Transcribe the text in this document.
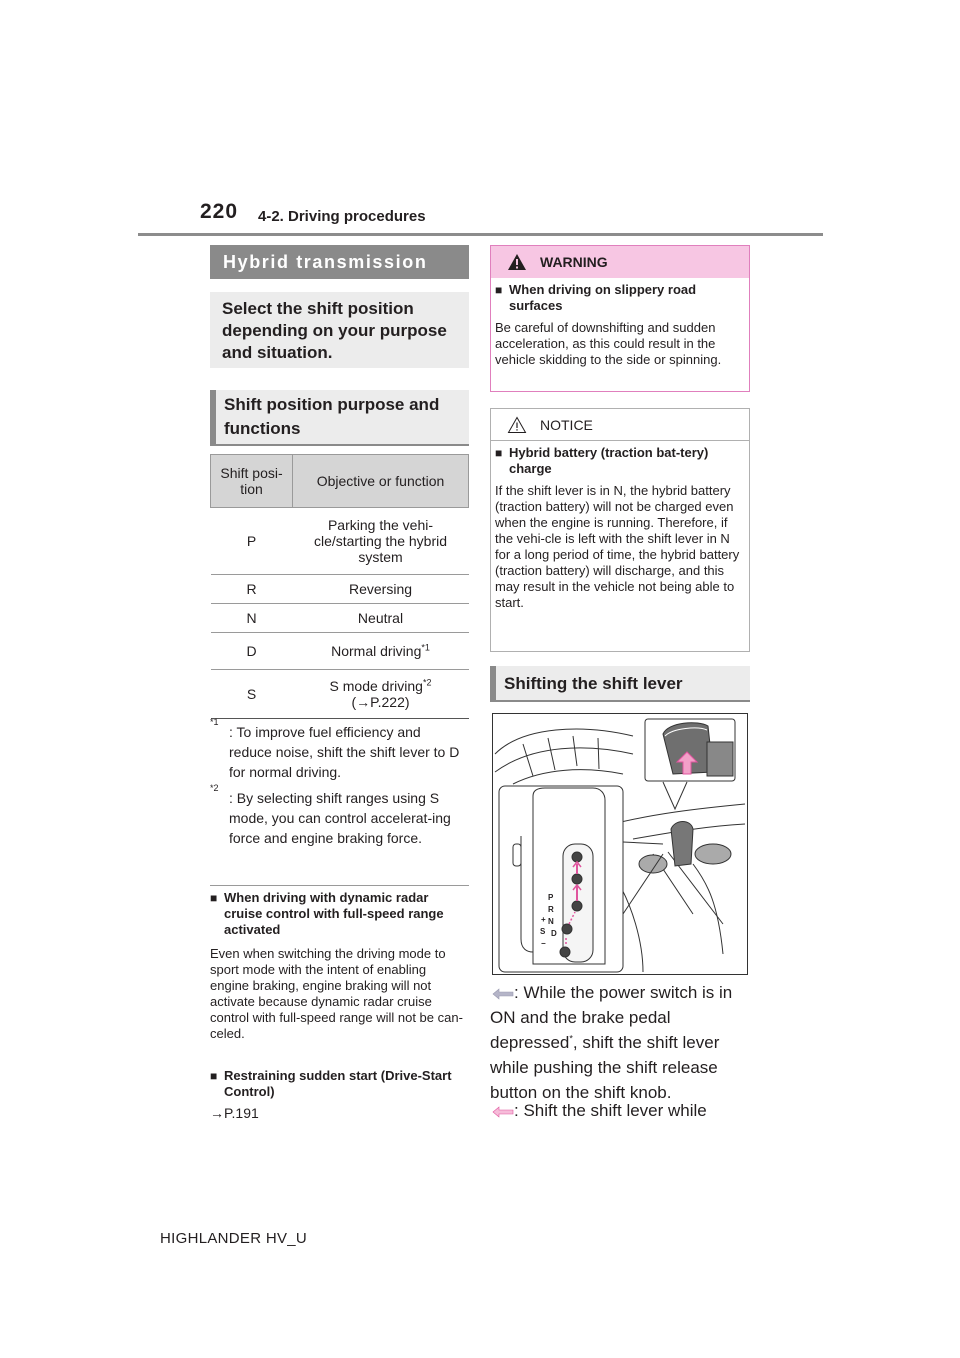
220 4-2. Driving procedures
Hybrid transmission
Select the shift position depending on your purpose and situation.
Shift position purpose and functions
Shift posi-tion	Objective or function
P	Parking the vehi-cle/starting the hybrid system
R	Reversing
N	Neutral
D	Normal driving$^{*1}$
S	S mode driving$^{*2}$
(→P.222)
*1
: To improve fuel efficiency and reduce noise, shift the shift lever to D for normal driving.
*2
: By selecting shift ranges using S mode, you can control accelerat-ing force and engine braking force.
■ When driving with dynamic radar cruise control with full-speed range activated
Even when switching the driving mode to sport mode with the intent of enabling engine braking, engine braking will not activate because dynamic radar cruise control with full-speed range will not be can-celed.
■ Restraining sudden start (Drive-Start Control)
→P.191
WARNING
■ When driving on slippery road surfaces
Be careful of downshifting and sudden acceleration, as this could result in the vehicle skidding to the side or spinning.
NOTICE
■ Hybrid battery (traction bat-tery) charge
If the shift lever is in N, the hybrid battery (traction battery) will not be charged even when the engine is running. Therefore, if the vehi-cle is left with the shift lever in N for a long period of time, the hybrid battery (traction battery) will discharge, and this may result in the vehicle not being able to start.
Shifting the shift lever
P
R
N
D
+
S
−
: While the power switch is in ON and the brake pedal depressed*, shift the shift lever while pushing the shift release button on the shift knob.
: Shift the shift lever while
HIGHLANDER HV_U
